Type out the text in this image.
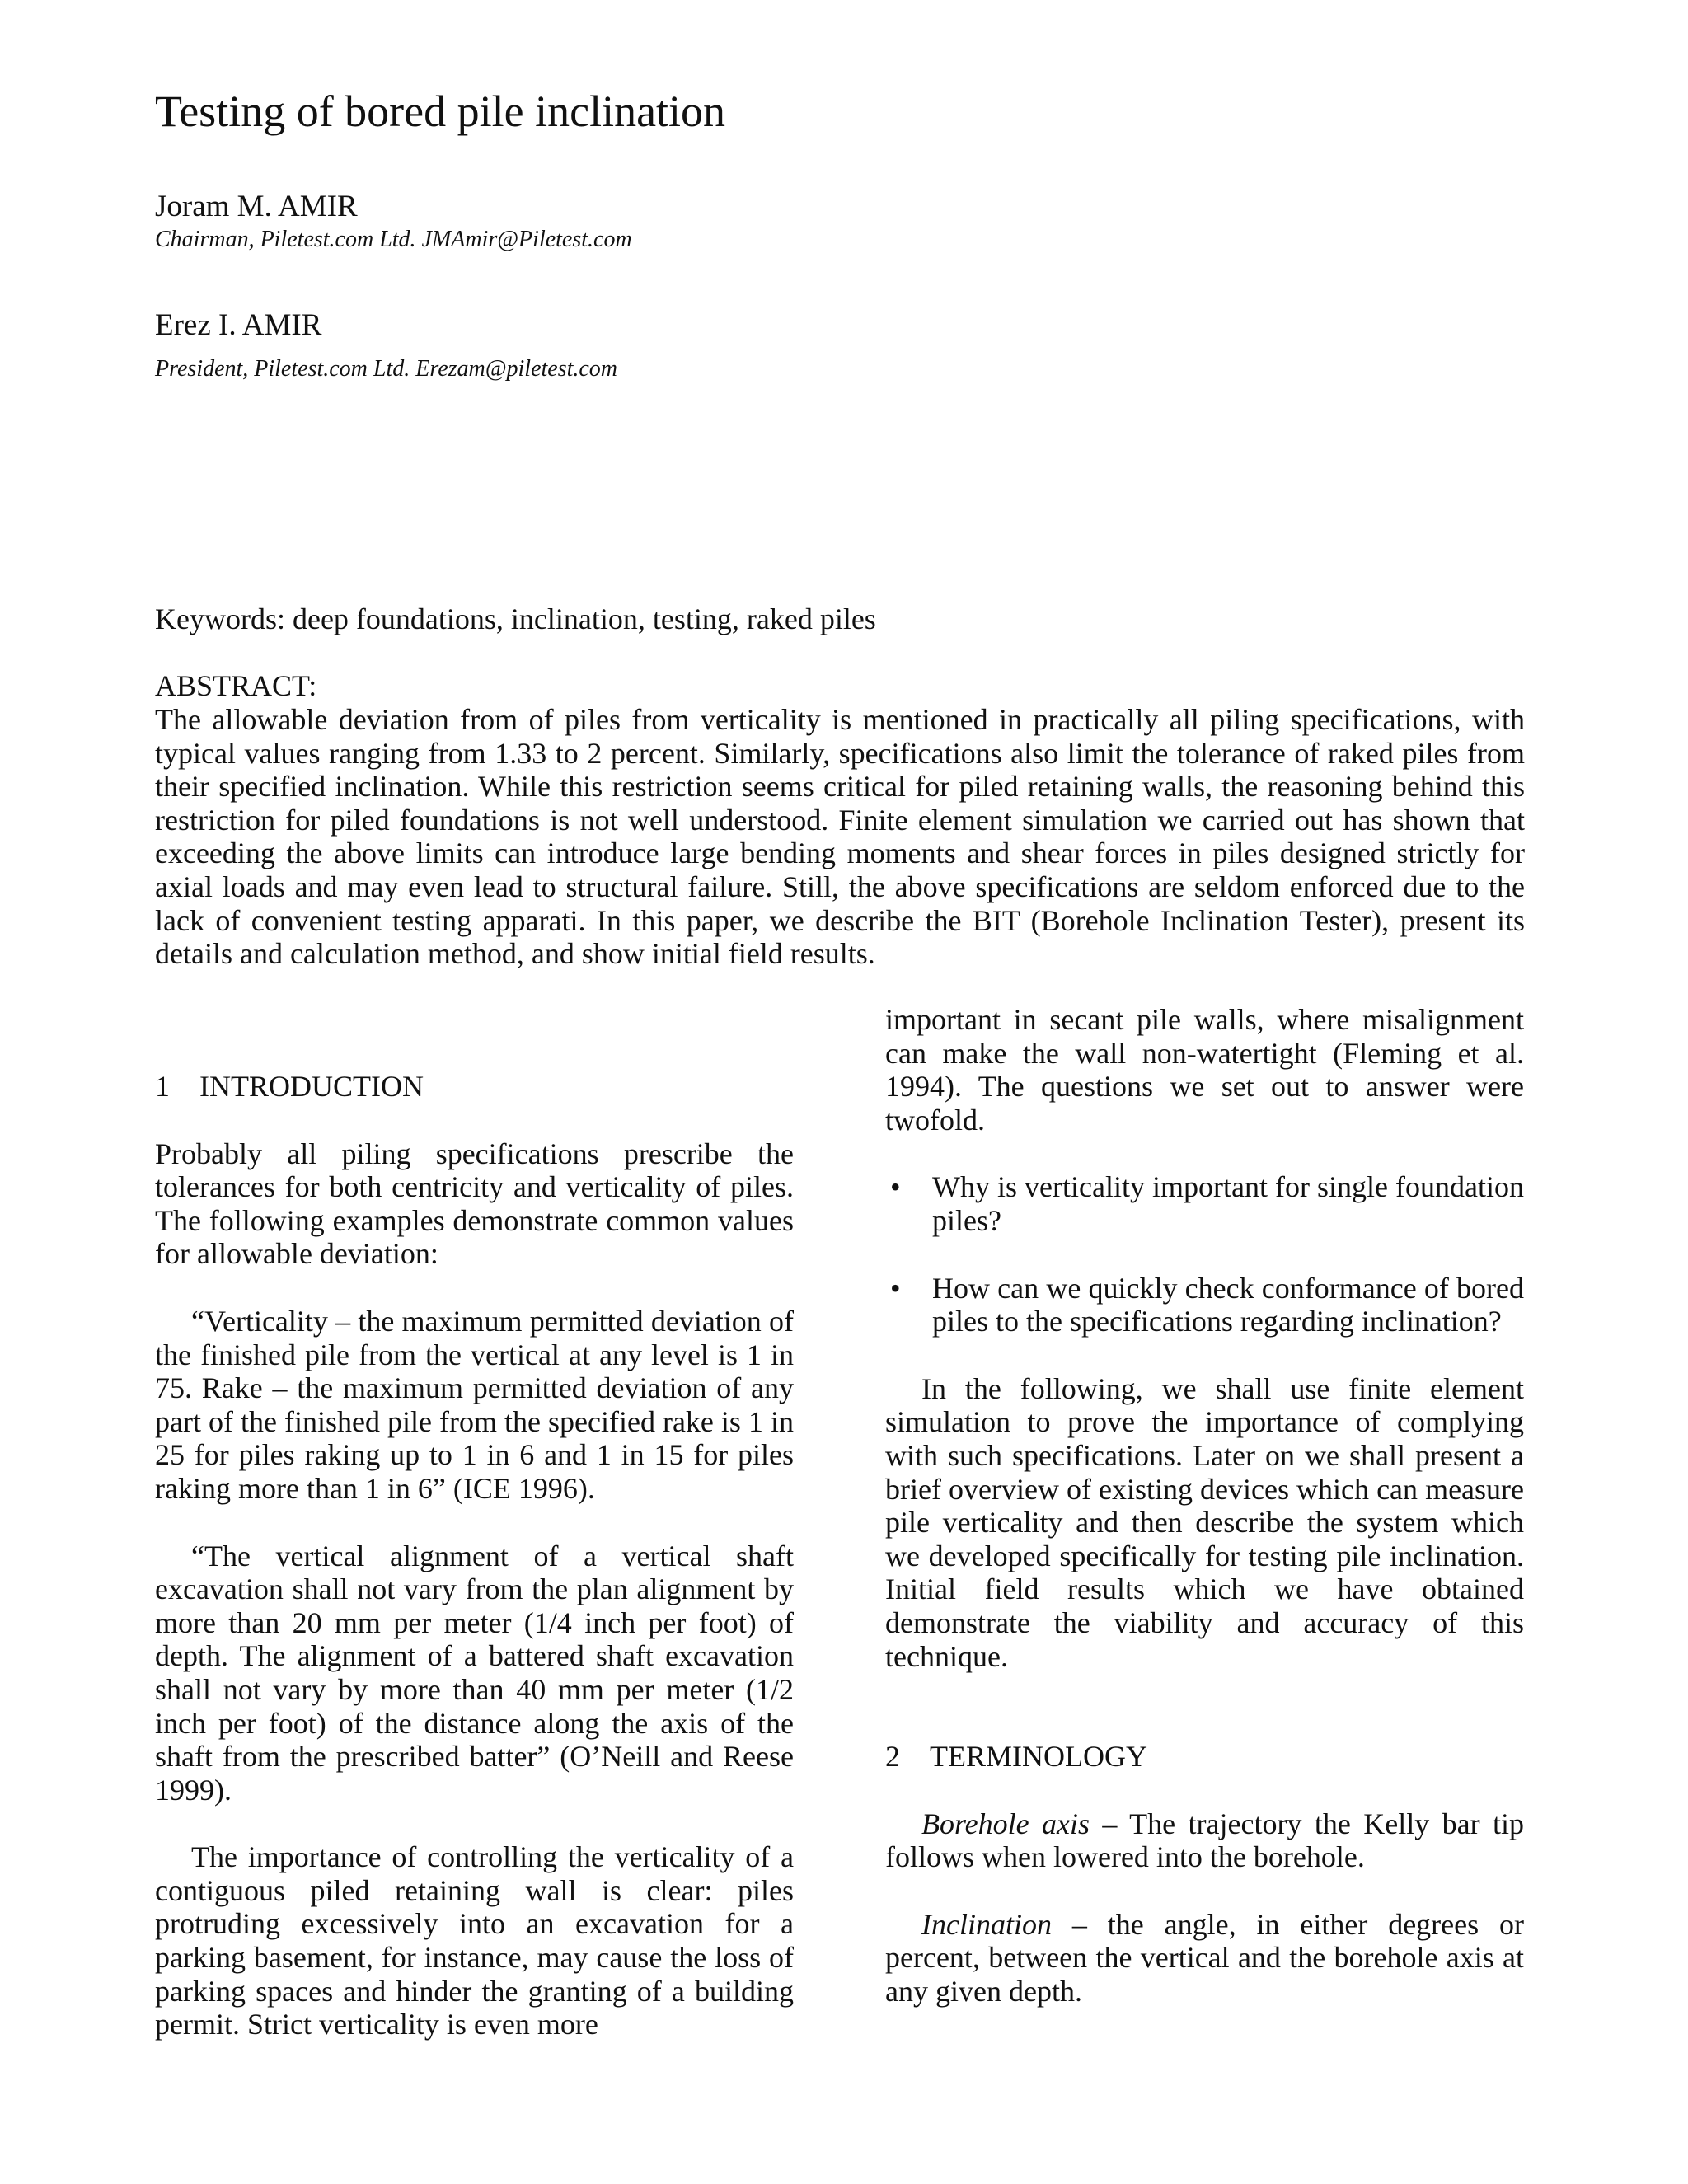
Testing of bored pile inclination
Joram M. AMIR
Chairman, Piletest.com Ltd. JMAmir@Piletest.com
Erez I. AMIR
President, Piletest.com Ltd. Erezam@piletest.com
Keywords: deep foundations, inclination, testing, raked piles
ABSTRACT:
The allowable deviation from of piles from verticality is mentioned in practically all piling specifications, with typical values ranging from 1.33 to 2 percent. Similarly, specifications also limit the tolerance of raked piles from their specified inclination. While this restriction seems critical for piled retaining walls, the reasoning behind this restriction for piled foundations is not well understood. Finite element simulation we carried out has shown that exceeding the above limits can introduce large bending moments and shear forces in piles designed strictly for axial loads and may even lead to structural failure. Still, the above specifications are seldom enforced due to the lack of convenient testing apparati. In this paper, we describe the BIT (Borehole Inclination Tester), present its details and calculation method, and show initial field results.

1 INTRODUCTION

Probably all piling specifications prescribe the tolerances for both centricity and verticality of piles. The following examples demonstrate common values for allowable deviation:

“Verticality – the maximum permitted deviation of the finished pile from the vertical at any level is 1 in 75. Rake – the maximum permitted deviation of any part of the finished pile from the specified rake is 1 in 25 for piles raking up to 1 in 6 and 1 in 15 for piles raking more than 1 in 6” (ICE 1996).

“The vertical alignment of a vertical shaft excavation shall not vary from the plan alignment by more than 20 mm per meter (1/4 inch per foot) of depth. The alignment of a battered shaft excavation shall not vary by more than 40 mm per meter (1/2 inch per foot) of the distance along the axis of the shaft from the prescribed batter” (O’Neill and Reese 1999).

The importance of controlling the verticality of a contiguous piled retaining wall is clear: piles protruding excessively into an excavation for a parking basement, for instance, may cause the loss of parking spaces and hinder the granting of a building permit. Strict verticality is even more

important in secant pile walls, where misalignment can make the wall non-watertight (Fleming et al. 1994). The questions we set out to answer were twofold.

• Why is verticality important for single foundation piles?

• How can we quickly check conformance of bored piles to the specifications regarding inclination?

In the following, we shall use finite element simulation to prove the importance of complying with such specifications. Later on we shall present a brief overview of existing devices which can measure pile verticality and then describe the system which we developed specifically for testing pile inclination. Initial field results which we have obtained demonstrate the viability and accuracy of this technique.

2 TERMINOLOGY

Borehole axis – The trajectory the Kelly bar tip follows when lowered into the borehole.

Inclination – the angle, in either degrees or percent, between the vertical and the borehole axis at any given depth.
